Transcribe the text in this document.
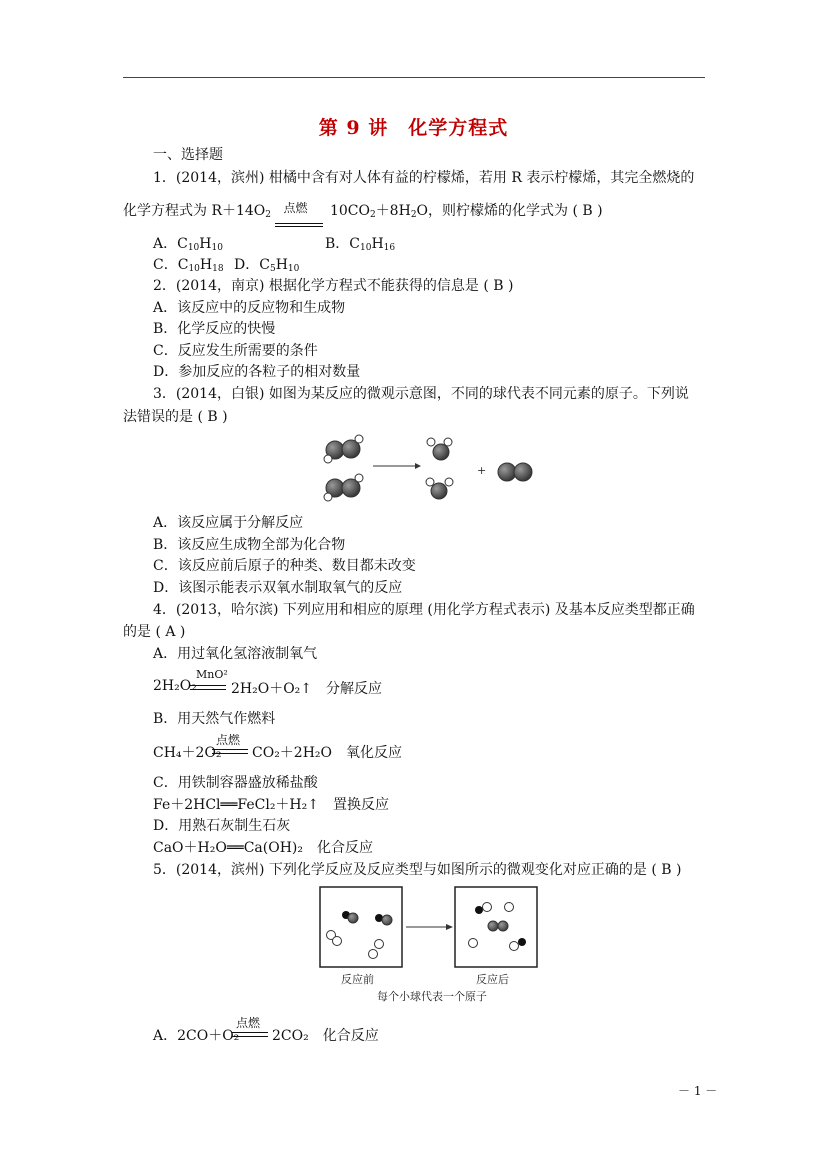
第 9 讲　化学方程式
一、选择题
1．(2014，滨州) 柑橘中含有对人体有益的柠檬烯，若用 R 表示柠檬烯，其完全燃烧的
化学方程式为 $R+14O_2$ 点燃 $10CO_2+8H_2O$，则柠檬烯的化学式为 ( B )
A．$C_{10}H_{10}$	B．$C_{10}H_{16}$
C．$C_{10}H_{18}$ D．$C_5H_{10}$
2．(2014，南京) 根据化学方程式不能获得的信息是 ( B )
A．该反应中的反应物和生成物
B．化学反应的快慢
C．反应发生所需要的条件
D．参加反应的各粒子的相对数量
3．(2014，白银) 如图为某反应的微观示意图，不同的球代表不同元素的原子。下列说
法错误的是 ( B )
+
A．该反应属于分解反应
B．该反应生成物全部为化合物
C．该反应前后原子的种类、数目都未改变
D．该图示能表示双氧水制取氧气的反应
4．(2013，哈尔滨) 下列应用和相应的原理 (用化学方程式表示) 及基本反应类型都正确
的是 ( A )
A．用过氧化氢溶液制氧气
2H₂O₂
MnO²
2H₂O＋O₂↑　分解反应
B．用天然气作燃料
CH₄＋2O₂
点燃
CO₂＋2H₂O　氧化反应
C．用铁制容器盛放稀盐酸
Fe＋2HCl══FeCl₂＋H₂↑　置换反应
D．用熟石灰制生石灰
CaO＋H₂O══Ca(OH)₂　化合反应
5．(2014，滨州) 下列化学反应及反应类型与如图所示的微观变化对应正确的是 ( B )
反应前	反应后
每个小球代表一个原子
A．2CO＋O₂
点燃
2CO₂　化合反应
－ 1 －
